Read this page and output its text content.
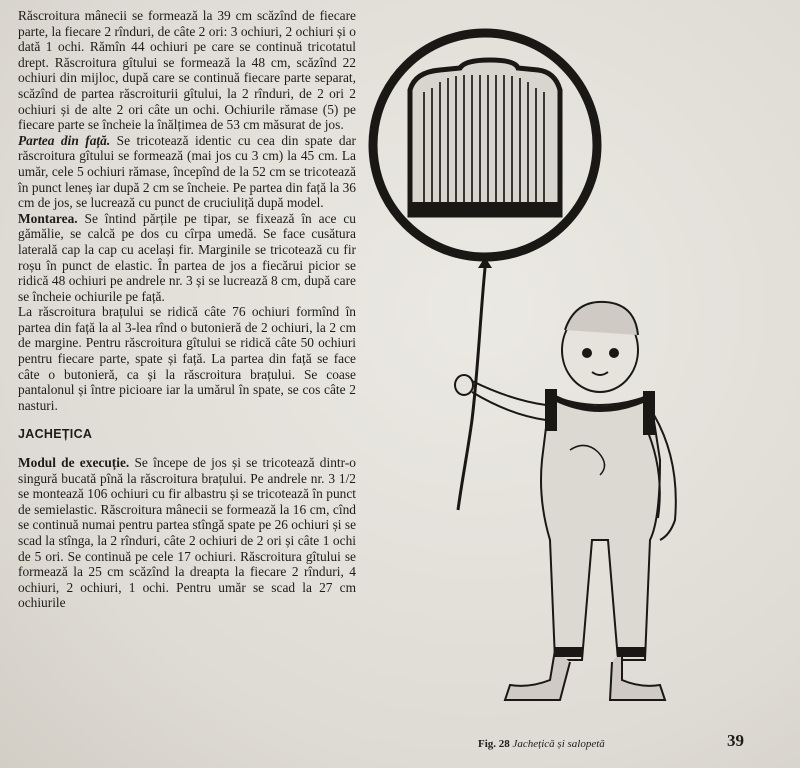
Răscroitura mânecii se formează la 39 cm scăzînd de fiecare parte, la fiecare 2 rînduri, de câte 2 ori: 3 ochiuri, 2 ochiuri și o dată 1 ochi. Rămîn 44 ochiuri pe care se continuă tricotatul drept. Răscroitura gîtului se formează la 48 cm, scăzînd 22 ochiuri din mijloc, după care se continuă fiecare parte separat, scăzînd de partea răscroiturii gîtului, la 2 rînduri, de 2 ori 2 ochiuri și de alte 2 ori câte un ochi. Ochiurile rămase (5) pe fiecare parte se încheie la înălțimea de 53 cm măsurat de jos.

Partea din față. Se tricotează identic cu cea din spate dar răscroitura gîtului se formează (mai jos cu 3 cm) la 45 cm. La umăr, cele 5 ochiuri rămase, începînd de la 52 cm se tricotează în punct leneș iar după 2 cm se încheie. Pe partea din față la 36 cm de jos, se lucrează cu punct de cruciuliță după model.

Montarea. Se întind părțile pe tipar, se fixează în ace cu gămălie, se calcă pe dos cu cîrpa umedă. Se face cusătura laterală cap la cap cu același fir. Marginile se tricotează cu fir roșu în punct de elastic. În partea de jos a fiecărui picior se ridică 48 ochiuri pe andrele nr. 3 și se lucrează 8 cm, după care se încheie ochiurile pe față.

La răscroitura brațului se ridică câte 76 ochiuri formînd în partea din față la al 3-lea rînd o butonieră de 2 ochiuri, la 2 cm de margine. Pentru răscroitura gîtului se ridică câte 50 ochiuri pentru fiecare parte, spate și față. La partea din față se face câte o butonieră, ca și la răscroitura brațului. Se coase pantalonul și între picioare iar la umărul în spate, se cos câte 2 nasturi.

JACHEȚICA

Modul de execuție. Se începe de jos și se tricotează dintr-o singură bucată pînă la răscroitura brațului. Pe andrele nr. 3 1/2 se montează 106 ochiuri cu fir albastru și se tricotează în punct de semielastic. Răscroitura mânecii se formează la 16 cm, cînd se continuă numai pentru partea stîngă spate pe 26 ochiuri și se scad la stînga, la 2 rînduri, câte 2 ochiuri de 2 ori și câte 1 ochi de 5 ori. Se continuă pe cele 17 ochiuri. Răscroitura gîtului se formează la 25 cm scăzînd la dreapta la fiecare 2 rînduri, 4 ochiuri, 2 ochiuri, 1 ochi. Pentru umăr se scad la 27 cm ochiurile

Fig. 28 Jachețică și salopetă	39
